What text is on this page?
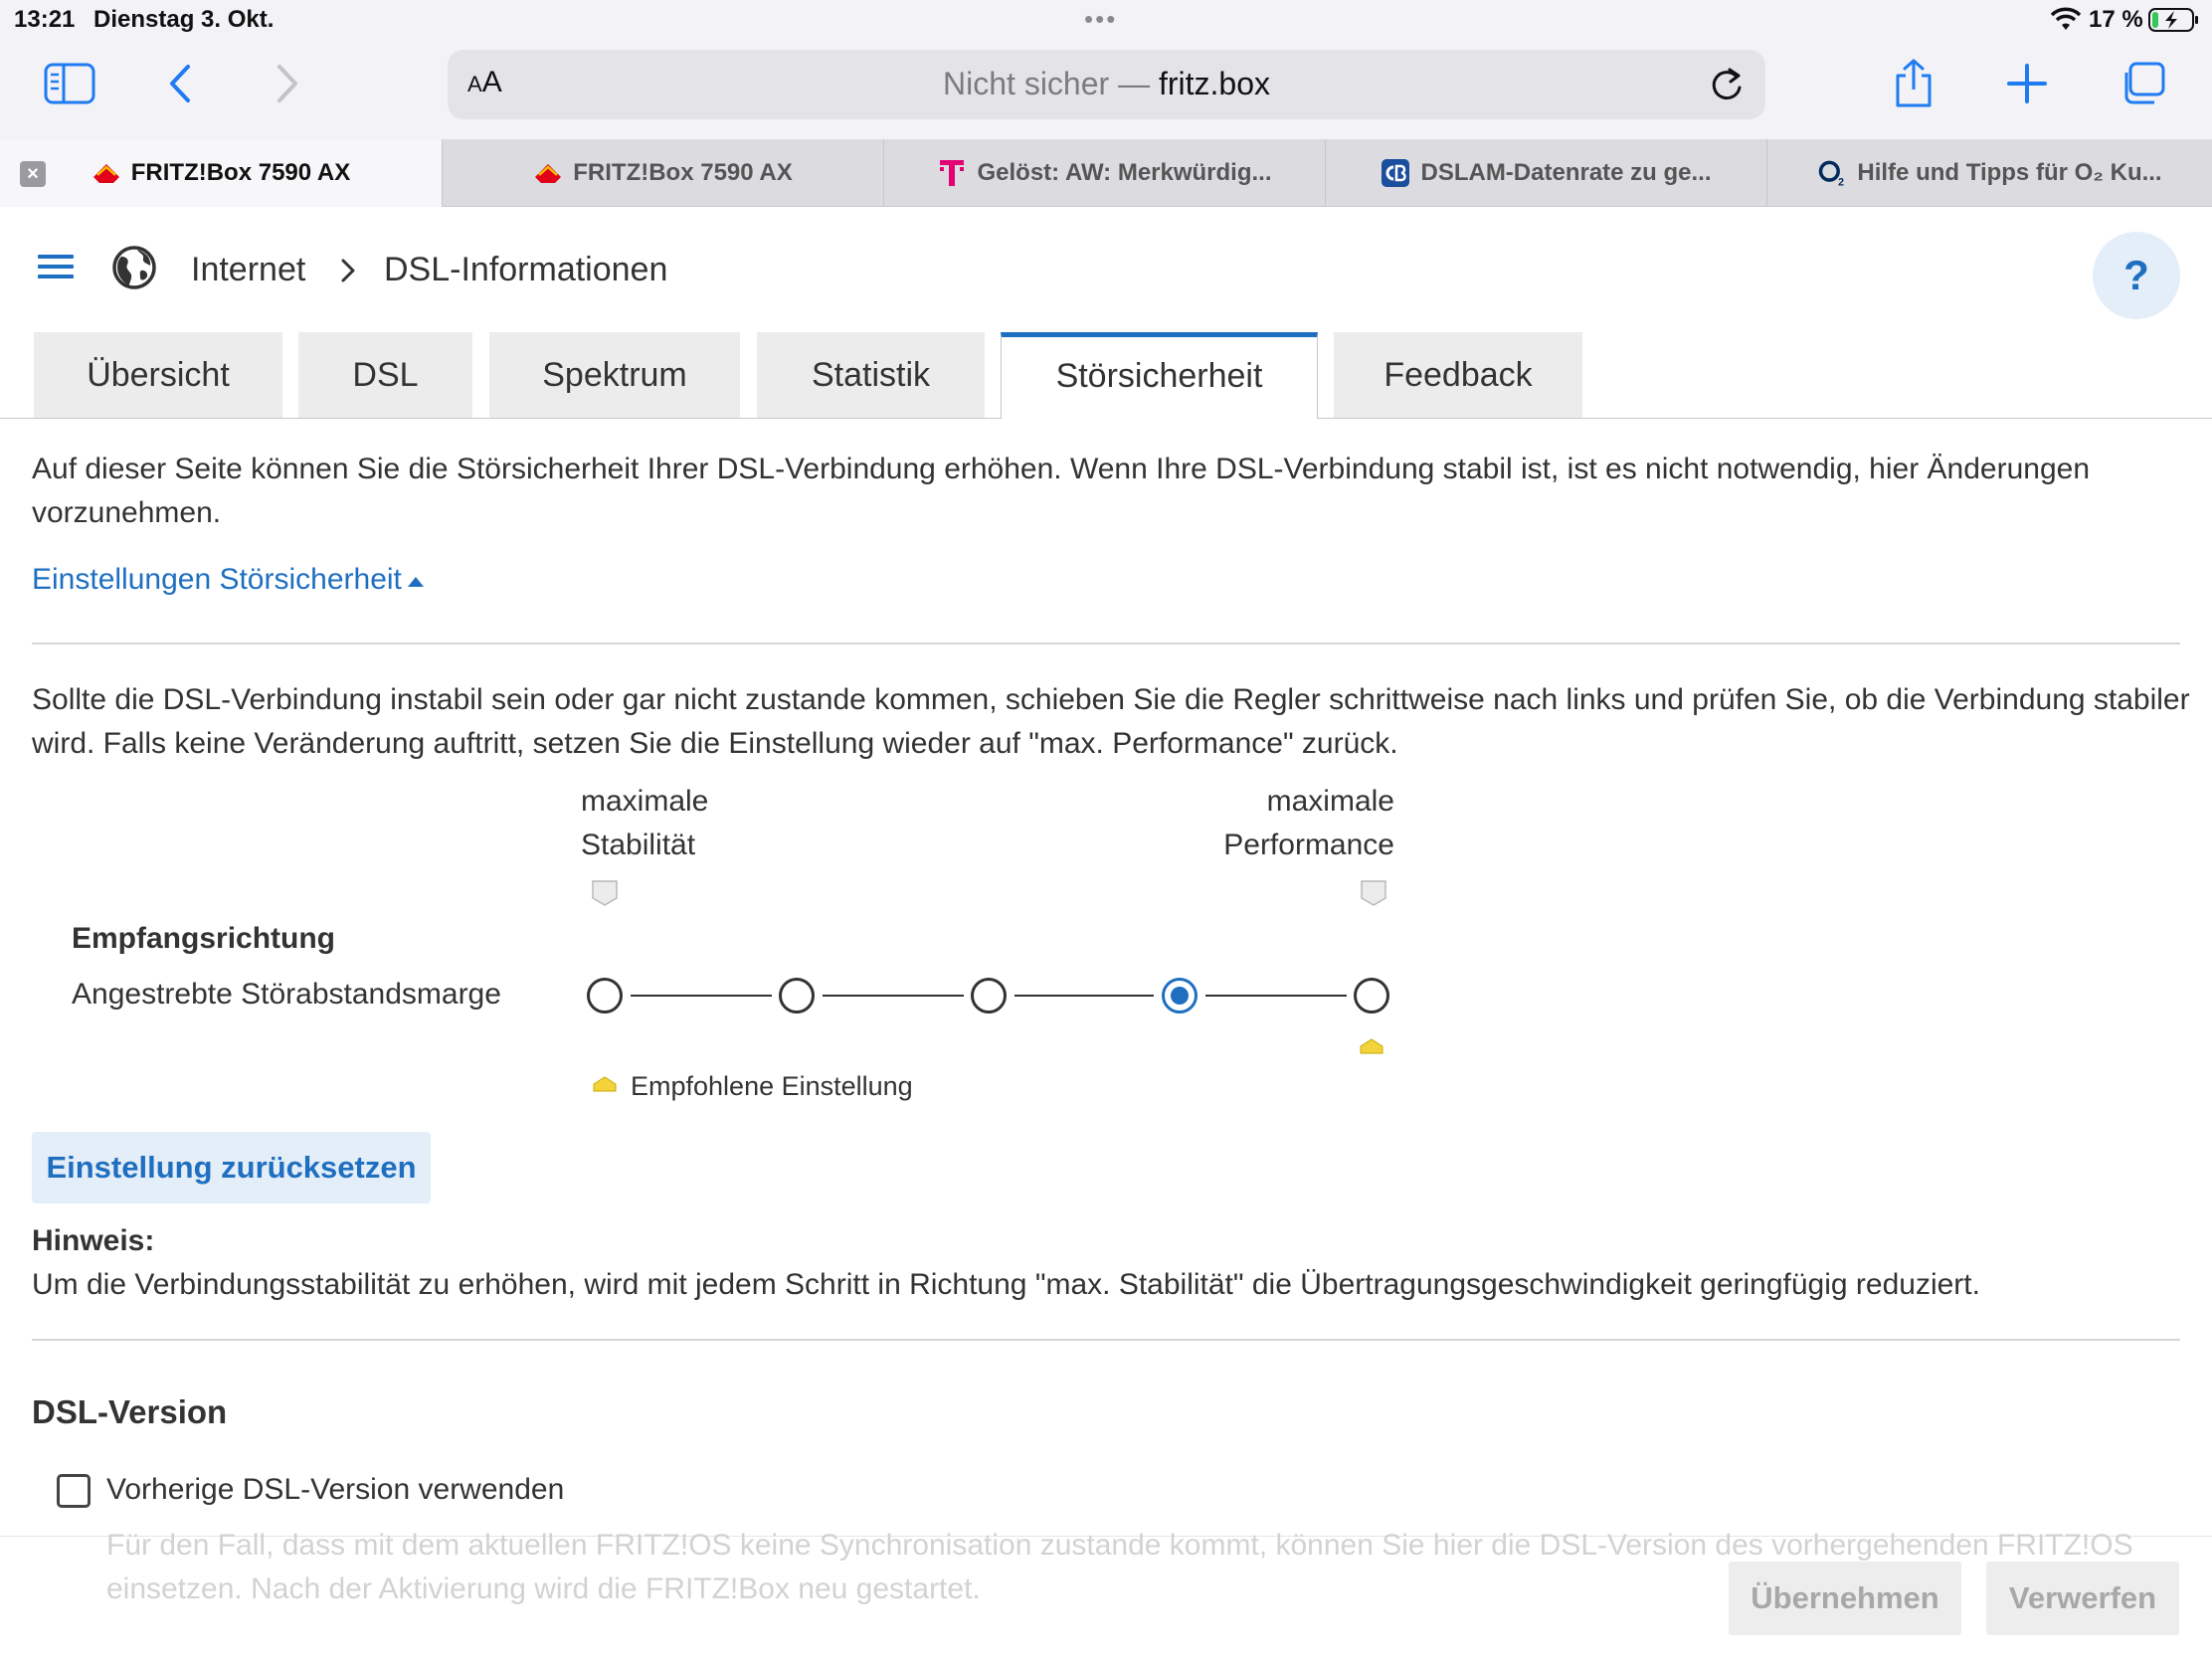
13:21 Dienstag 3. Okt.	•••	17 %
AA	Nicht sicher — fritz.box
×	FRITZ!Box 7590 AX	FRITZ!Box 7590 AX	Gelöst: AW: Merkwürdig...	DSLAM-Datenrate zu ge...	2 Hilfe und Tipps für O₂ Ku...
Internet DSL-Informationen	?
Übersicht	DSL	Spektrum	Statistik	Störsicherheit	Feedback

Auf dieser Seite können Sie die Störsicherheit Ihrer DSL-Verbindung erhöhen. Wenn Ihre DSL-Verbindung stabil ist, ist es nicht notwendig, hier Änderungen vorzunehmen.

Einstellungen Störsicherheit

Sollte die DSL-Verbindung instabil sein oder gar nicht zustande kommen, schieben Sie die Regler schrittweise nach links und prüfen Sie, ob die Verbindung stabiler wird. Falls keine Veränderung auftritt, setzen Sie die Einstellung wieder auf "max. Performance" zurück.

maximale
Stabilität
maximale
Performance
Empfangsrichtung
Angestrebte Störabstandsmarge
Empfohlene Einstellung
Einstellung zurücksetzen
Hinweis:

Um die Verbindungsstabilität zu erhöhen, wird mit jedem Schritt in Richtung "max. Stabilität" die Übertragungsgeschwindigkeit geringfügig reduziert.

DSL-Version
Vorherige DSL-Version verwenden
Für den Fall, dass mit dem aktuellen FRITZ!OS keine Synchronisation zustande kommt, können Sie hier die DSL-Version des vorhergehenden FRITZ!OS
einsetzen. Nach der Aktivierung wird die FRITZ!Box neu gestartet.	Übernehmen	Verwerfen
